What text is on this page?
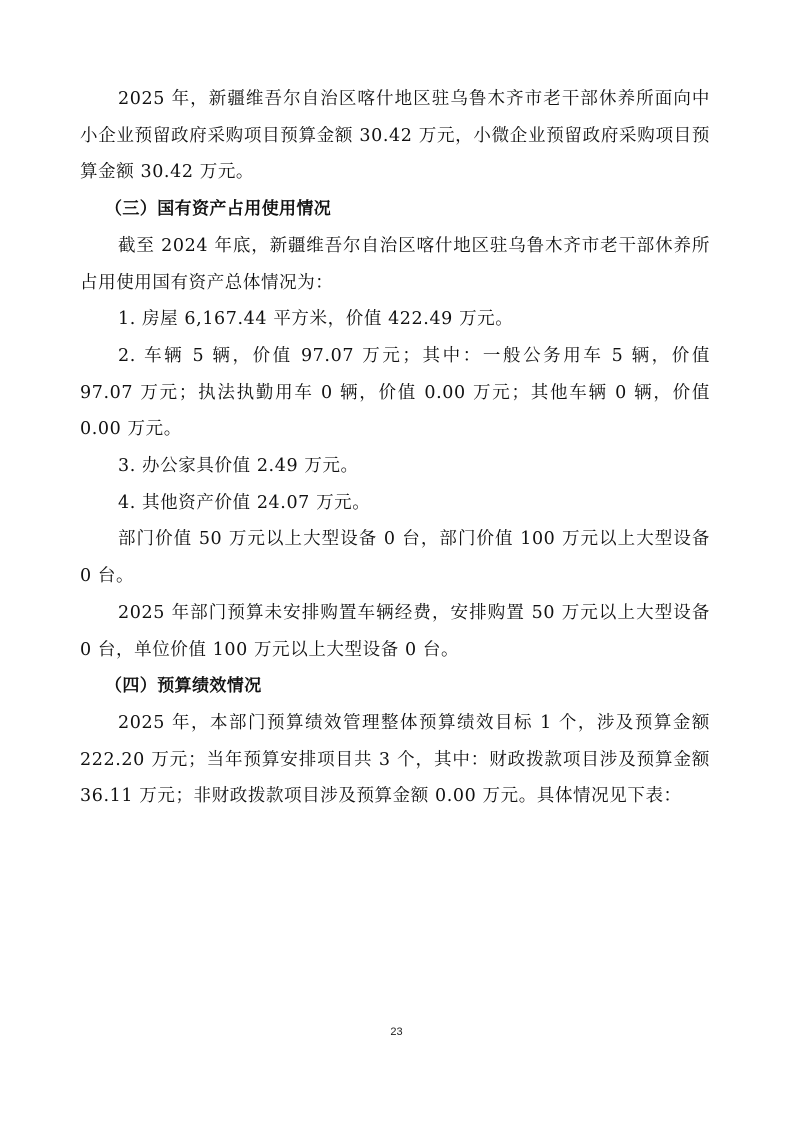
2025 年，新疆维吾尔自治区喀什地区驻乌鲁木齐市老干部休养所面向中小企业预留政府采购项目预算金额 30.42 万元，小微企业预留政府采购项目预算金额 30.42 万元。

（三）国有资产占用使用情况

截至 2024 年底，新疆维吾尔自治区喀什地区驻乌鲁木齐市老干部休养所占用使用国有资产总体情况为：

1. 房屋 6,167.44 平方米，价值 422.49 万元。

2. 车辆 5 辆，价值 97.07 万元；其中：一般公务用车 5 辆，价值 97.07 万元；执法执勤用车 0 辆，价值 0.00 万元；其他车辆 0 辆，价值 0.00 万元。

3. 办公家具价值 2.49 万元。

4. 其他资产价值 24.07 万元。

部门价值 50 万元以上大型设备 0 台，部门价值 100 万元以上大型设备 0 台。

2025 年部门预算未安排购置车辆经费，安排购置 50 万元以上大型设备 0 台，单位价值 100 万元以上大型设备 0 台。

（四）预算绩效情况

2025 年，本部门预算绩效管理整体预算绩效目标 1 个，涉及预算金额 222.20 万元；当年预算安排项目共 3 个，其中：财政拨款项目涉及预算金额 36.11 万元；非财政拨款项目涉及预算金额 0.00 万元。具体情况见下表：

23
